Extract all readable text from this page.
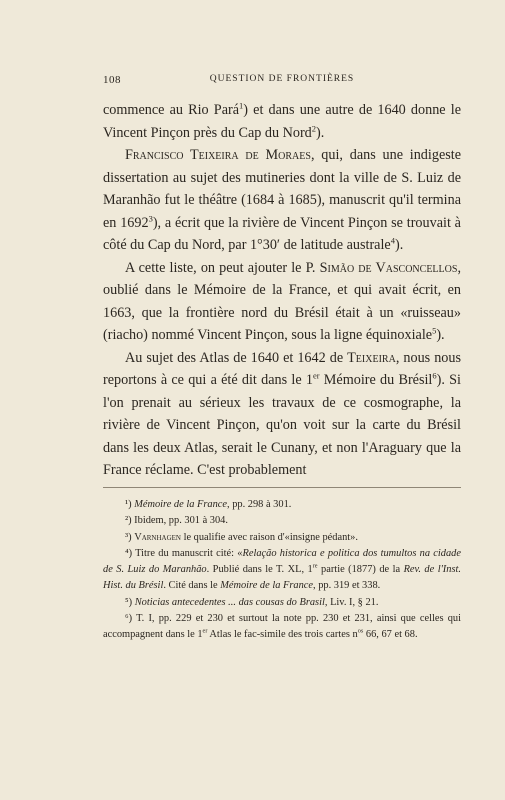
108	QUESTION DE FRONTIÈRES

commence au Rio Pará$^1$) et dans une autre de 1640 donne le Vincent Pinçon près du Cap du Nord$^2$).

Francisco Teixeira de Moraes, qui, dans une indigeste dissertation au sujet des mutineries dont la ville de S. Luiz de Maranhão fut le théâtre (1684 à 1685), manuscrit qu'il termina en 1692$^3$), a écrit que la rivière de Vincent Pinçon se trouvait à côté du Cap du Nord, par 1°30′ de latitude australe$^4$).

A cette liste, on peut ajouter le P. Simão de Vasconcellos, oublié dans le Mémoire de la France, et qui avait écrit, en 1663, que la frontière nord du Brésil était à un «ruisseau» (riacho) nommé Vincent Pinçon, sous la ligne équinoxiale$^5$).

Au sujet des Atlas de 1640 et 1642 de Teixeira, nous nous reportons à ce qui a été dit dans le 1er Mémoire du Brésil$^6$). Si l'on prenait au sérieux les travaux de ce cosmographe, la rivière de Vincent Pinçon, qu'on voit sur la carte du Brésil dans les deux Atlas, serait le Cunany, et non l'Araguary que la France réclame. C'est probablement

¹) Mémoire de la France, pp. 298 à 301.

²) Ibidem, pp. 301 à 304.

³) Varnhagen le qualifie avec raison d'«insigne pédant».

⁴) Titre du manuscrit cité: «Relação historica e politica dos tumultos na cidade de S. Luiz do Maranhão. Publié dans le T. XL, 1re partie (1877) de la Rev. de l'Inst. Hist. du Brésil. Cité dans le Mémoire de la France, pp. 319 et 338.

⁵) Noticias antecedentes ... das cousas do Brasil, Liv. I, § 21.

⁶) T. I, pp. 229 et 230 et surtout la note pp. 230 et 231, ainsi que celles qui accompagnent dans le 1er Atlas le fac-simile des trois cartes $n^{os}$ 66, 67 et 68.
